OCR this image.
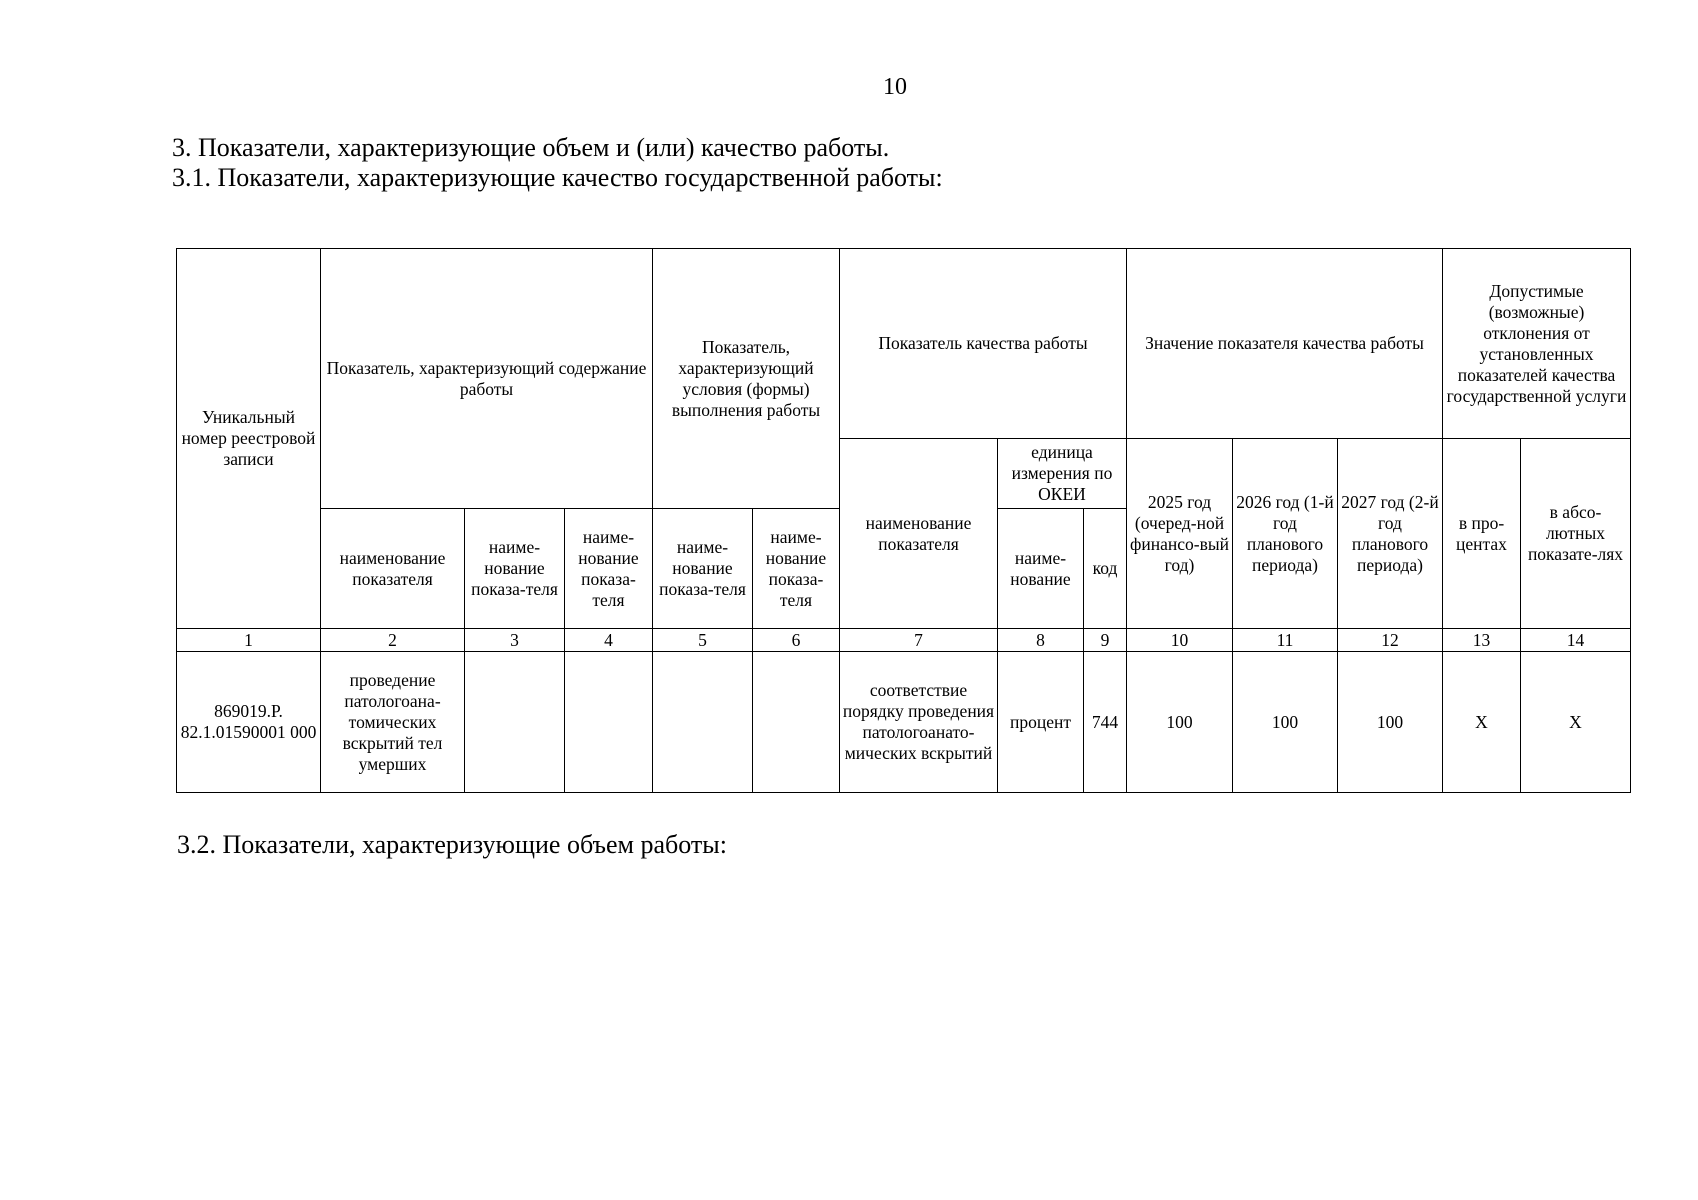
10
3. Показатели, характеризующие объем и (или) качество работы.
3.1. Показатели, характеризующие качество государственной работы:
Уникальный номер реестровой записи	Показатель, характеризующий содержание работы			Показатель, характеризующий условия (формы) выполнения работы		Показатель качества работы			Значение показателя качества работы			Допустимые (возможные) отклонения от установленных показателей качества государственной услуги	
						наименование показателя	единица измерения по ОКЕИ		2025 год (очеред-ной финансо-вый год)	2026 год (1-й год планового периода)	2027 год (2-й год планового периода)	в про-центах	в абсо-лютных показате-лях
	наименование показателя	наиме-нование показа-теля	наиме-нование показа-теля	наиме-нование показа-теля	наиме-нование показа-теля		наиме-нование	код					
1	2	3	4	5	6	7	8	9	10	11	12	13	14
869019.Р. 82.1.01590001 000	проведение патологоана-томических вскрытий тел умерших					соответствие порядку проведения патологоанато-мических вскрытий	процент	744	100	100	100	Х	Х
3.2. Показатели, характеризующие объем работы:
